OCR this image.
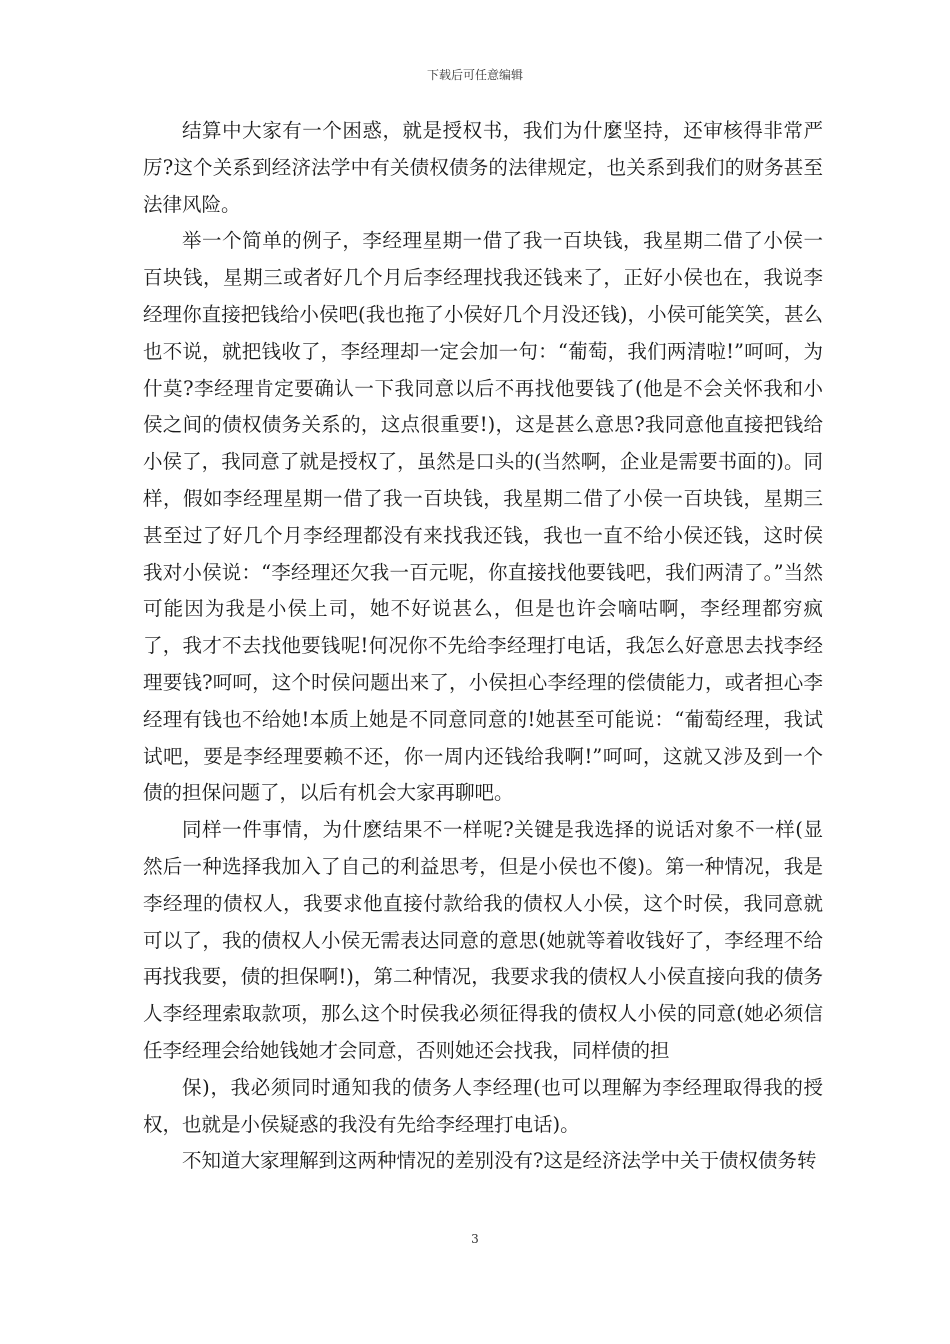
下载后可任意编辑

结算中大家有一个困惑，就是授权书，我们为什麼坚持，还审核得非常严厉?这个关系到经济法学中有关债权债务的法律规定，也关系到我们的财务甚至法律风险。

举一个简单的例子，李经理星期一借了我一百块钱，我星期二借了小侯一百块钱，星期三或者好几个月后李经理找我还钱来了，正好小侯也在，我说李经理你直接把钱给小侯吧(我也拖了小侯好几个月没还钱)，小侯可能笑笑，甚么也不说，就把钱收了，李经理却一定会加一句：“葡萄，我们两清啦!”呵呵，为什莫?李经理肯定要确认一下我同意以后不再找他要钱了(他是不会关怀我和小侯之间的债权债务关系的，这点很重要!)，这是甚么意思?我同意他直接把钱给小侯了，我同意了就是授权了，虽然是口头的(当然啊，企业是需要书面的)。同样，假如李经理星期一借了我一百块钱，我星期二借了小侯一百块钱，星期三甚至过了好几个月李经理都没有来找我还钱，我也一直不给小侯还钱，这时侯我对小侯说：“李经理还欠我一百元呢，你直接找他要钱吧，我们两清了。”当然可能因为我是小侯上司，她不好说甚么，但是也许会嘀咕啊，李经理都穷疯了，我才不去找他要钱呢!何况你不先给李经理打电话，我怎么好意思去找李经理要钱?呵呵，这个时侯问题出来了，小侯担心李经理的偿债能力，或者担心李经理有钱也不给她!本质上她是不同意同意的!她甚至可能说：“葡萄经理，我试试吧，要是李经理要赖不还，你一周内还钱给我啊!”呵呵，这就又涉及到一个债的担保问题了，以后有机会大家再聊吧。

同样一件事情，为什麽结果不一样呢?关键是我选择的说话对象不一样(显然后一种选择我加入了自己的利益思考，但是小侯也不傻)。第一种情况，我是李经理的债权人，我要求他直接付款给我的债权人小侯，这个时侯，我同意就可以了，我的债权人小侯无需表达同意的意思(她就等着收钱好了，李经理不给再找我要，债的担保啊!)，第二种情况，我要求我的债权人小侯直接向我的债务人李经理索取款项，那么这个时侯我必须征得我的债权人小侯的同意(她必须信任李经理会给她钱她才会同意，否则她还会找我，同样债的担

保)，我必须同时通知我的债务人李经理(也可以理解为李经理取得我的授权，也就是小侯疑惑的我没有先给李经理打电话)。

不知道大家理解到这两种情况的差别没有?这是经济法学中关于债权债务转

3
